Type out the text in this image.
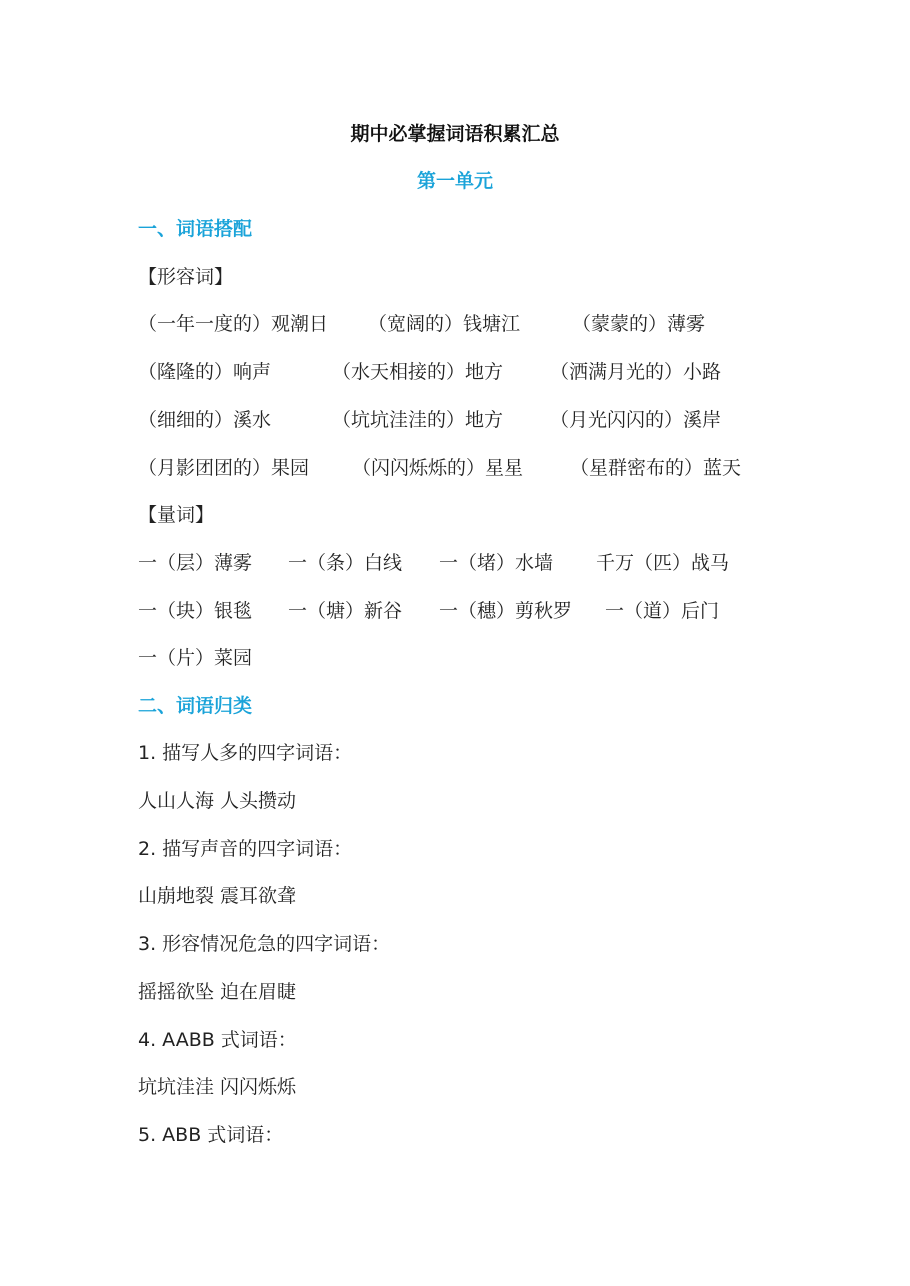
期中必掌握词语积累汇总
第一单元
一、词语搭配
【形容词】
（一年一度的）观潮日 （宽阔的）钱塘江	（蒙蒙的）薄雾
（隆隆的）响声	（水天相接的）地方 （洒满月光的）小路
（细细的）溪水	（坑坑洼洼的）地方 （月光闪闪的）溪岸
（月影团团的）果园 （闪闪烁烁的）星星 （星群密布的）蓝天
【量词】
一（层）薄雾 一（条）白线 一（堵）水墙 千万（匹）战马
一（块）银毯 一（塘）新谷 一（穗）剪秋罗 一（道）后门
一（片）菜园
二、词语归类
1. 描写人多的四字词语：
人山人海 人头攒动
2. 描写声音的四字词语：
山崩地裂 震耳欲聋
3. 形容情况危急的四字词语：
摇摇欲坠 迫在眉睫
4. AABB 式词语：
坑坑洼洼 闪闪烁烁
5. ABB 式词语：
